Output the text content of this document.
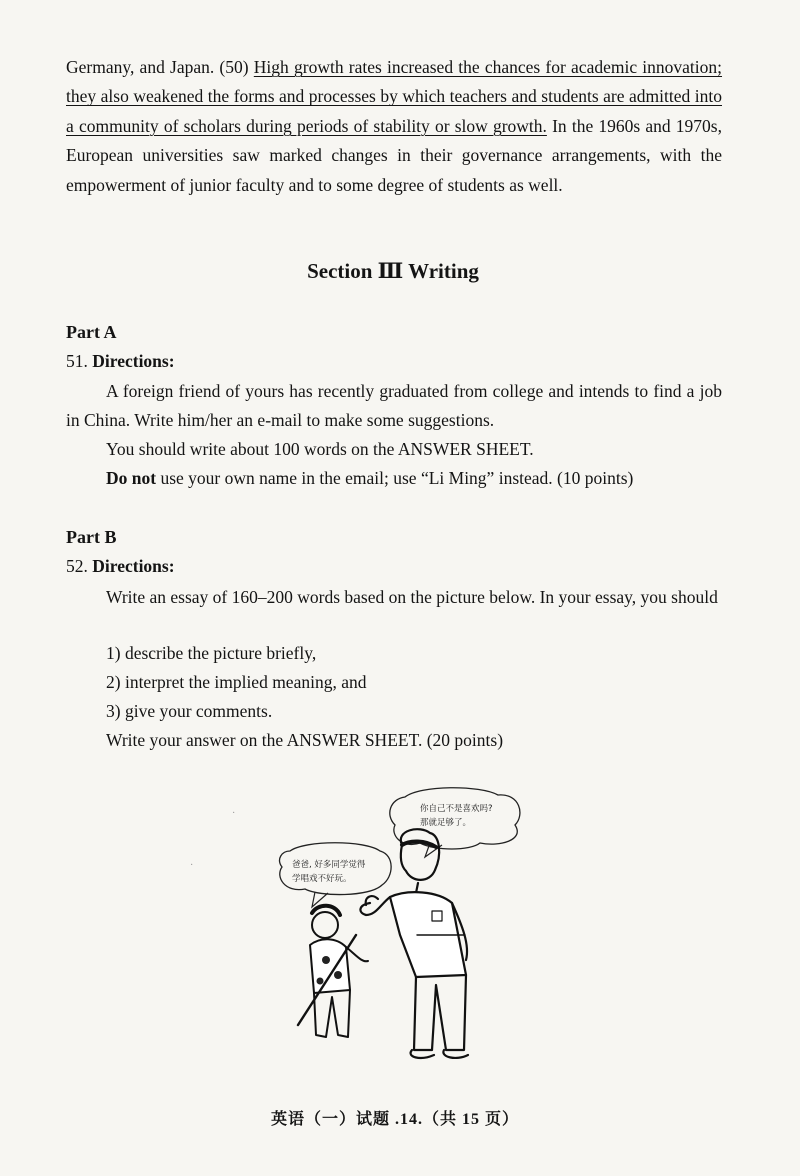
Germany, and Japan. (50) High growth rates increased the chances for academic innovation; they also weakened the forms and processes by which teachers and students are admitted into a community of scholars during periods of stability or slow growth. In the 1960s and 1970s, European universities saw marked changes in their governance arrangements, with the empowerment of junior faculty and to some degree of students as well.

Section Ⅲ Writing
Part A
51. Directions:

A foreign friend of yours has recently graduated from college and intends to find a job in China. Write him/her an e-mail to make some suggestions.

You should write about 100 words on the ANSWER SHEET.
Do not use your own name in the email; use “Li Ming” instead. (10 points)
Part B
52. Directions:

Write an essay of 160–200 words based on the picture below. In your essay, you should

1) describe the picture briefly,
2) interpret the implied meaning, and
3) give your comments.
Write your answer on the ANSWER SHEET. (20 points)
你自己不是喜欢吗?
那就足够了。
爸爸, 好多同学觉得
学唱戏不好玩。
·
·
英语（一）试题 .14.（共 15 页）
